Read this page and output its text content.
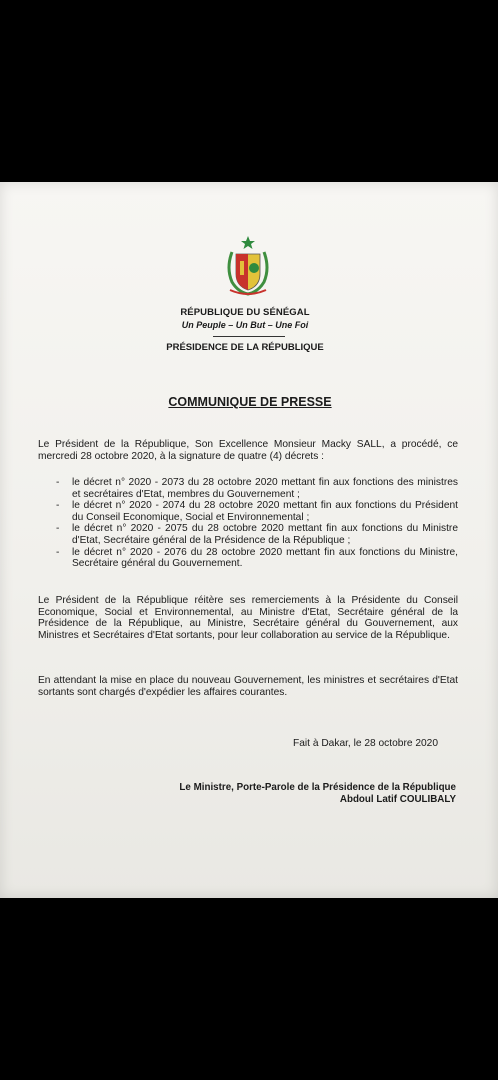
RÉPUBLIQUE DU SÉNÉGAL
Un Peuple – Un But – Une Foi
PRÉSIDENCE DE LA RÉPUBLIQUE
COMMUNIQUE DE PRESSE
Le Président de la République, Son Excellence Monsieur Macky SALL, a procédé, ce mercredi 28 octobre 2020, à la signature de quatre (4) décrets :
- le décret n° 2020 - 2073 du 28 octobre 2020 mettant fin aux fonctions des ministres et secrétaires d'Etat, membres du Gouvernement ;
- le décret n° 2020 - 2074 du 28 octobre 2020 mettant fin aux fonctions du Président du Conseil Economique, Social et Environnemental ;
- le décret n° 2020 - 2075 du 28 octobre 2020 mettant fin aux fonctions du Ministre d'Etat, Secrétaire général de la Présidence de la République ;
- le décret n° 2020 - 2076 du 28 octobre 2020 mettant fin aux fonctions du Ministre, Secrétaire général du Gouvernement.
Le Président de la République réitère ses remerciements à la Présidente du Conseil Economique, Social et Environnemental, au Ministre d'Etat, Secrétaire général de la Présidence de la République, au Ministre, Secrétaire général du Gouvernement, aux Ministres et Secrétaires d'Etat sortants, pour leur collaboration au service de la République.
En attendant la mise en place du nouveau Gouvernement, les ministres et secrétaires d'Etat sortants sont chargés d'expédier les affaires courantes.
Fait à Dakar, le 28 octobre 2020
Le Ministre, Porte-Parole de la Présidence de la République
Abdoul Latif COULIBALY
